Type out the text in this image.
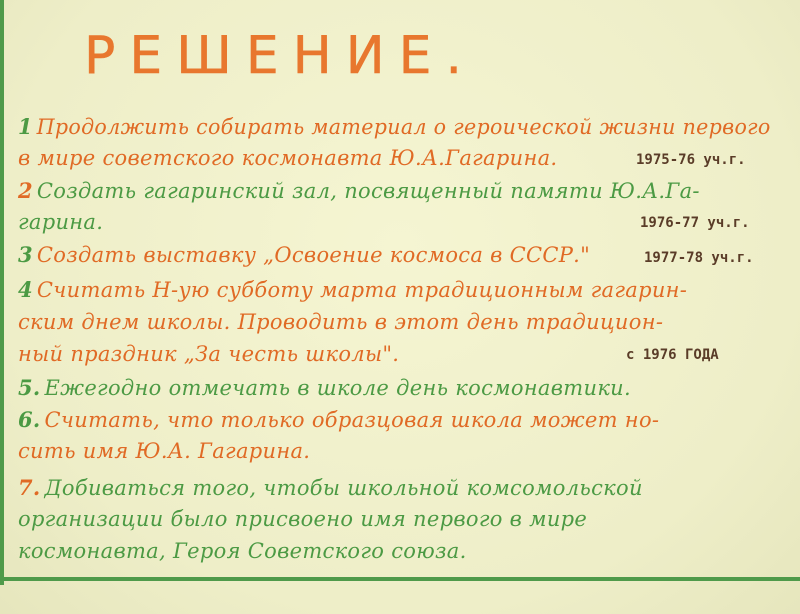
РЕШЕНИЕ.
1 Продолжить собирать материал о героической жизни первого
в мире советского космонавта Ю.А.Гагарина.	1975-76 уч.г.
2 Создать гагаринский зал, посвященный памяти Ю.А.Га-
гарина.	1976-77 уч.г.
3 Создать выставку „Освоение космоса в СССР."	1977-78 уч.г.
4 Считать Н-ую субботу марта традиционным гагарин-
ским днем школы. Проводить в этот день традицион-
ный праздник „За честь школы".	с 1976 ГОДА
5. Ежегодно отмечать в школе день космонавтики.
6. Считать, что только образцовая школа может но-
сить имя Ю.А. Гагарина.
7. Добиваться того, чтобы школьной комсомольской
организации было присвоено имя первого в мире
космонавта, Героя Советского союза.
